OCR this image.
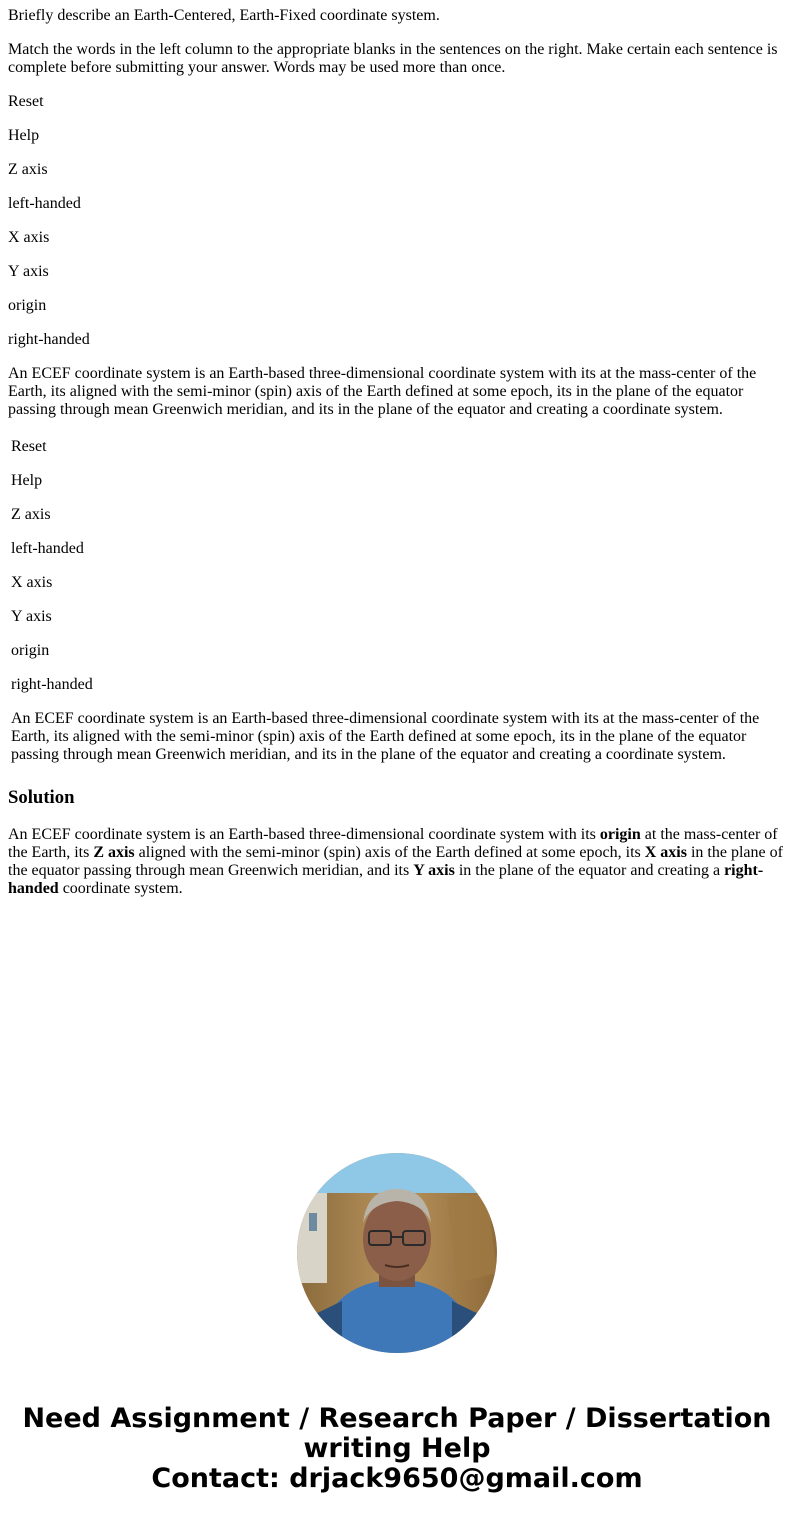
Briefly describe an Earth-Centered, Earth-Fixed coordinate system.

Match the words in the left column to the appropriate blanks in the sentences on the right. Make certain each sentence is complete before submitting your answer. Words may be used more than once.

Reset

Help

Z axis

left-handed

X axis

Y axis

origin

right-handed

An ECEF coordinate system is an Earth-based three-dimensional coordinate system with its at the mass-center of the Earth, its aligned with the semi-minor (spin) axis of the Earth defined at some epoch, its in the plane of the equator passing through mean Greenwich meridian, and its in the plane of the equator and creating a coordinate system.

Reset

Help

Z axis

left-handed

X axis

Y axis

origin

right-handed

An ECEF coordinate system is an Earth-based three-dimensional coordinate system with its at the mass-center of the Earth, its aligned with the semi-minor (spin) axis of the Earth defined at some epoch, its in the plane of the equator passing through mean Greenwich meridian, and its in the plane of the equator and creating a coordinate system.

Solution

An ECEF coordinate system is an Earth-based three-dimensional coordinate system with its origin at the mass-center of the Earth, its Z axis aligned with the semi-minor (spin) axis of the Earth defined at some epoch, its X axis in the plane of the equator passing through mean Greenwich meridian, and its Y axis in the plane of the equator and creating a right-handed coordinate system.

Need Assignment / Research Paper / Dissertation
writing Help
Contact: drjack9650@gmail.com
